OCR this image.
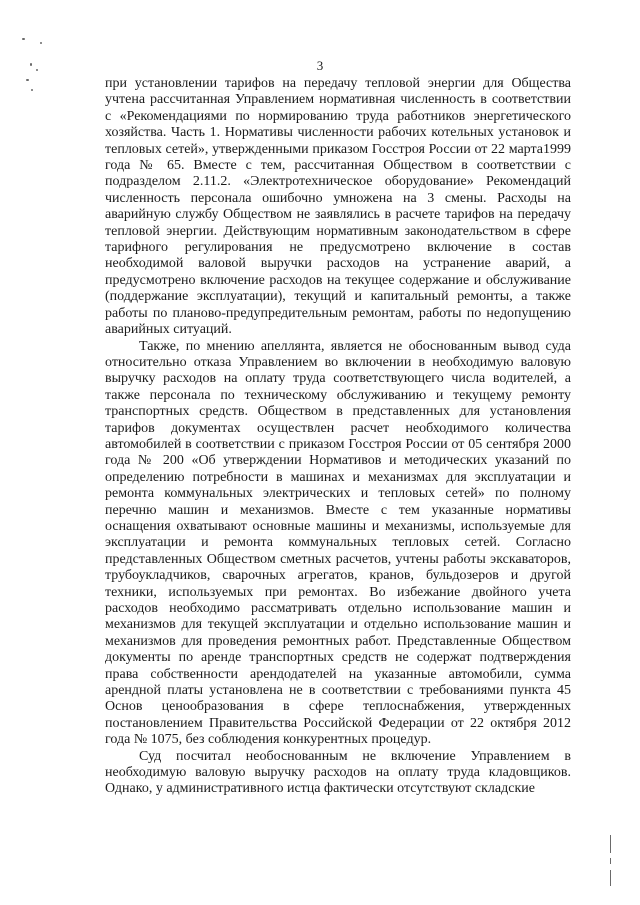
3

при установлении тарифов на передачу тепловой энергии для Общества учтена рассчитанная Управлением нормативная численность в соответствии с «Рекомендациями по нормированию труда работников энергетического хозяйства. Часть 1. Нормативы численности рабочих котельных установок и тепловых сетей», утвержденными приказом Госстроя России от 22 марта1999 года № 65. Вместе с тем, рассчитанная Обществом в соответствии с подразделом 2.11.2. «Электротехническое оборудование» Рекомендаций численность персонала ошибочно умножена на 3 смены. Расходы на аварийную службу Обществом не заявлялись в расчете тарифов на передачу тепловой энергии. Действующим нормативным законодательством в сфере тарифного регулирования не предусмотрено включение в состав необходимой валовой выручки расходов на устранение аварий, а предусмотрено включение расходов на текущее содержание и обслуживание (поддержание эксплуатации), текущий и капитальный ремонты, а также работы по планово-предупредительным ремонтам, работы по недопущению аварийных ситуаций.

Также, по мнению апеллянта, является не обоснованным вывод суда относительно отказа Управлением во включении в необходимую валовую выручку расходов на оплату труда соответствующего числа водителей, а также персонала по техническому обслуживанию и текущему ремонту транспортных средств. Обществом в представленных для установления тарифов документах осуществлен расчет необходимого количества автомобилей в соответствии с приказом Госстроя России от 05 сентября 2000 года № 200 «Об утверждении Нормативов и методических указаний по определению потребности в машинах и механизмах для эксплуатации и ремонта коммунальных электрических и тепловых сетей» по полному перечню машин и механизмов. Вместе с тем указанные нормативы оснащения охватывают основные машины и механизмы, используемые для эксплуатации и ремонта коммунальных тепловых сетей. Согласно представленных Обществом сметных расчетов, учтены работы экскаваторов, трубоукладчиков, сварочных агрегатов, кранов, бульдозеров и другой техники, используемых при ремонтах. Во избежание двойного учета расходов необходимо рассматривать отдельно использование машин и механизмов для текущей эксплуатации и отдельно использование машин и механизмов для проведения ремонтных работ. Представленные Обществом документы по аренде транспортных средств не содержат подтверждения права собственности арендодателей на указанные автомобили, сумма арендной платы установлена не в соответствии с требованиями пункта 45 Основ ценообразования в сфере теплоснабжения, утвержденных постановлением Правительства Российской Федерации от 22 октября 2012 года № 1075, без соблюдения конкурентных процедур.

Суд посчитал необоснованным не включение Управлением в необходимую валовую выручку расходов на оплату труда кладовщиков. Однако, у административного истца фактически отсутствуют складские
